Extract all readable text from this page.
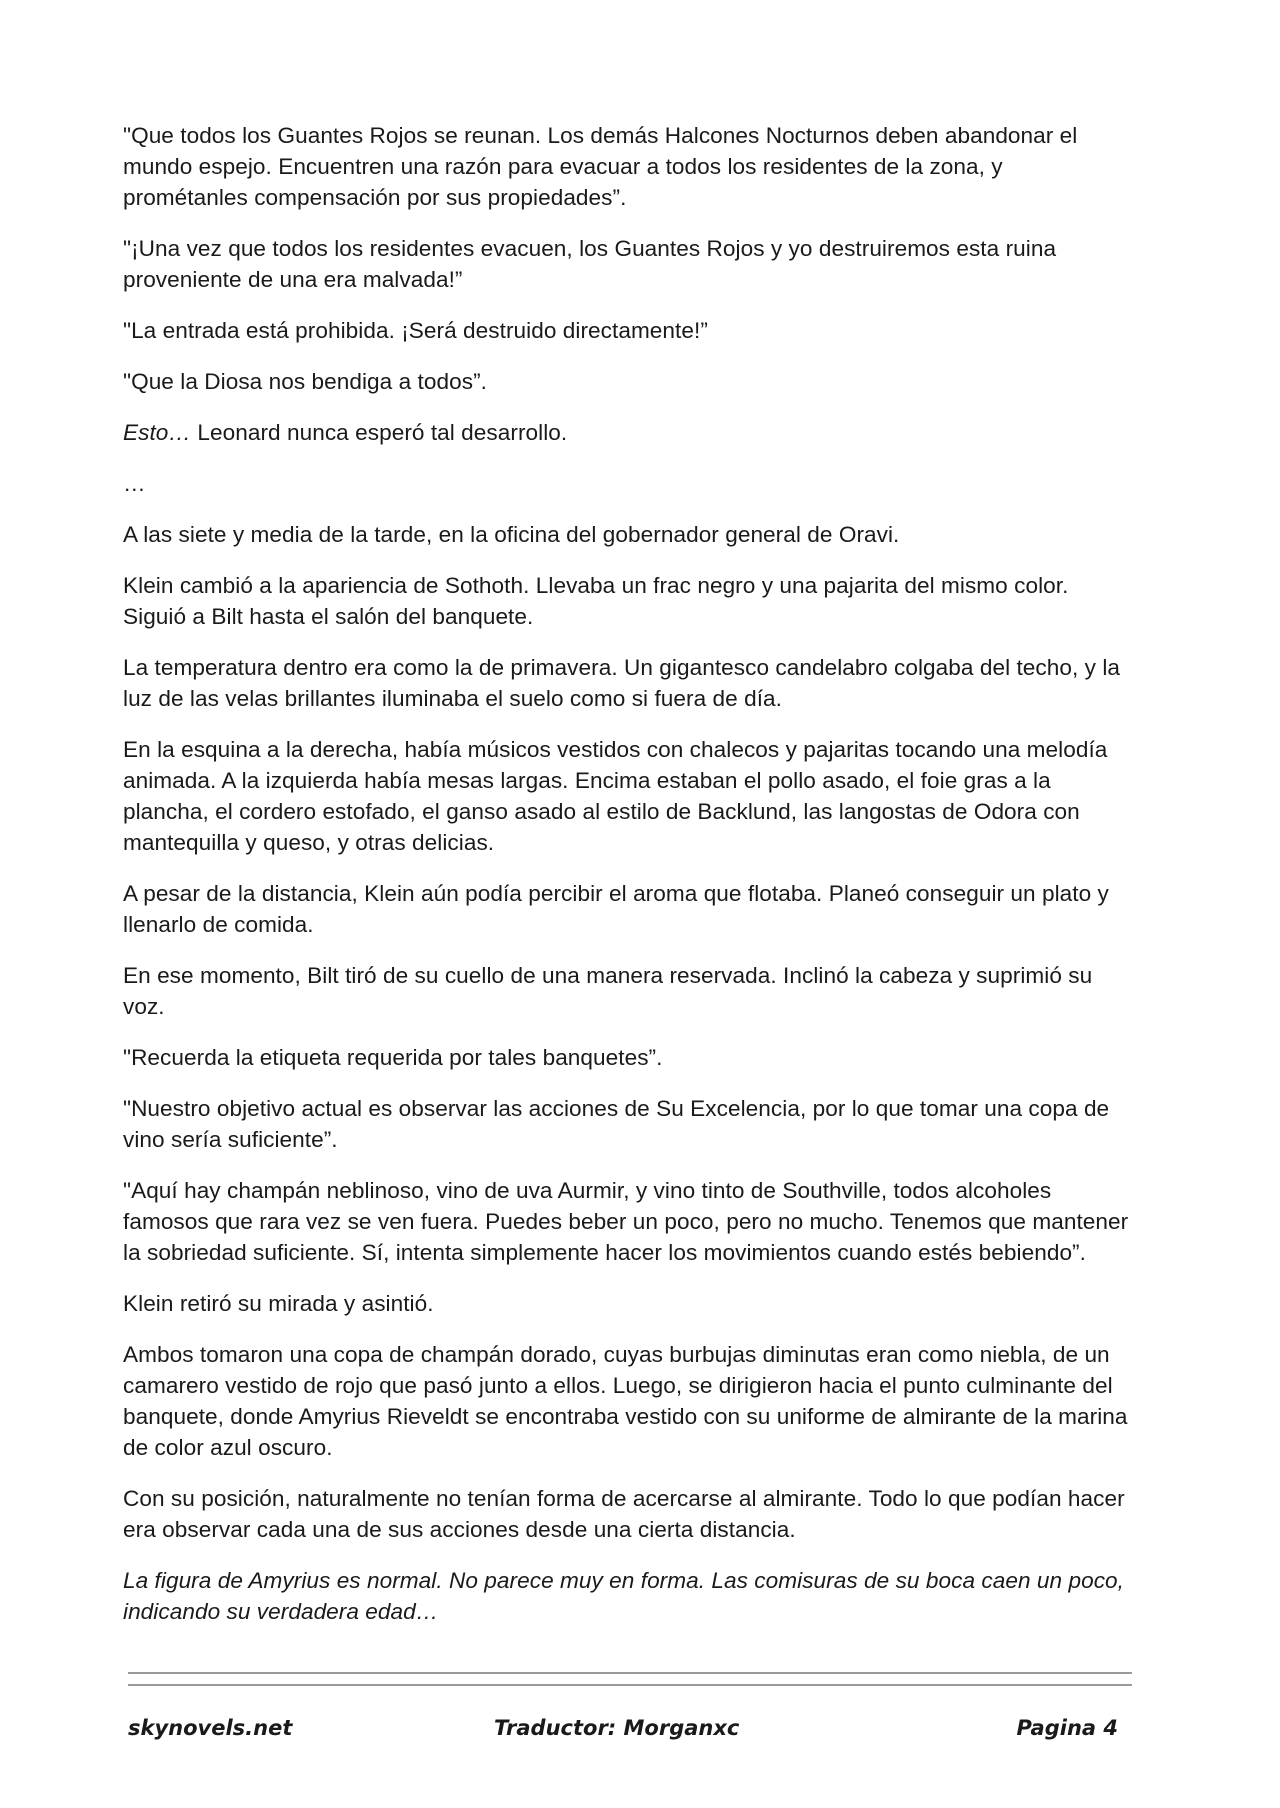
"Que todos los Guantes Rojos se reunan. Los demás Halcones Nocturnos deben abandonar el mundo espejo. Encuentren una razón para evacuar a todos los residentes de la zona, y prométanles compensación por sus propiedades”.

"¡Una vez que todos los residentes evacuen, los Guantes Rojos y yo destruiremos esta ruina proveniente de una era malvada!”

"La entrada está prohibida. ¡Será destruido directamente!”

"Que la Diosa nos bendiga a todos”.

Esto… Leonard nunca esperó tal desarrollo.

…

A las siete y media de la tarde, en la oficina del gobernador general de Oravi.

Klein cambió a la apariencia de Sothoth. Llevaba un frac negro y una pajarita del mismo color. Siguió a Bilt hasta el salón del banquete.

La temperatura dentro era como la de primavera. Un gigantesco candelabro colgaba del techo, y la luz de las velas brillantes iluminaba el suelo como si fuera de día.

En la esquina a la derecha, había músicos vestidos con chalecos y pajaritas tocando una melodía animada. A la izquierda había mesas largas. Encima estaban el pollo asado, el foie gras a la plancha, el cordero estofado, el ganso asado al estilo de Backlund, las langostas de Odora con mantequilla y queso, y otras delicias.

A pesar de la distancia, Klein aún podía percibir el aroma que flotaba. Planeó conseguir un plato y llenarlo de comida.

En ese momento, Bilt tiró de su cuello de una manera reservada. Inclinó la cabeza y suprimió su voz.

"Recuerda la etiqueta requerida por tales banquetes”.

"Nuestro objetivo actual es observar las acciones de Su Excelencia, por lo que tomar una copa de vino sería suficiente”.

"Aquí hay champán neblinoso, vino de uva Aurmir, y vino tinto de Southville, todos alcoholes famosos que rara vez se ven fuera. Puedes beber un poco, pero no mucho. Tenemos que mantener la sobriedad suficiente. Sí, intenta simplemente hacer los movimientos cuando estés bebiendo”.

Klein retiró su mirada y asintió.

Ambos tomaron una copa de champán dorado, cuyas burbujas diminutas eran como niebla, de un camarero vestido de rojo que pasó junto a ellos. Luego, se dirigieron hacia el punto culminante del banquete, donde Amyrius Rieveldt se encontraba vestido con su uniforme de almirante de la marina de color azul oscuro.

Con su posición, naturalmente no tenían forma de acercarse al almirante. Todo lo que podían hacer era observar cada una de sus acciones desde una cierta distancia.

La figura de Amyrius es normal. No parece muy en forma. Las comisuras de su boca caen un poco, indicando su verdadera edad…

skynovels.net	Traductor: Morganxc	Pagina 4
